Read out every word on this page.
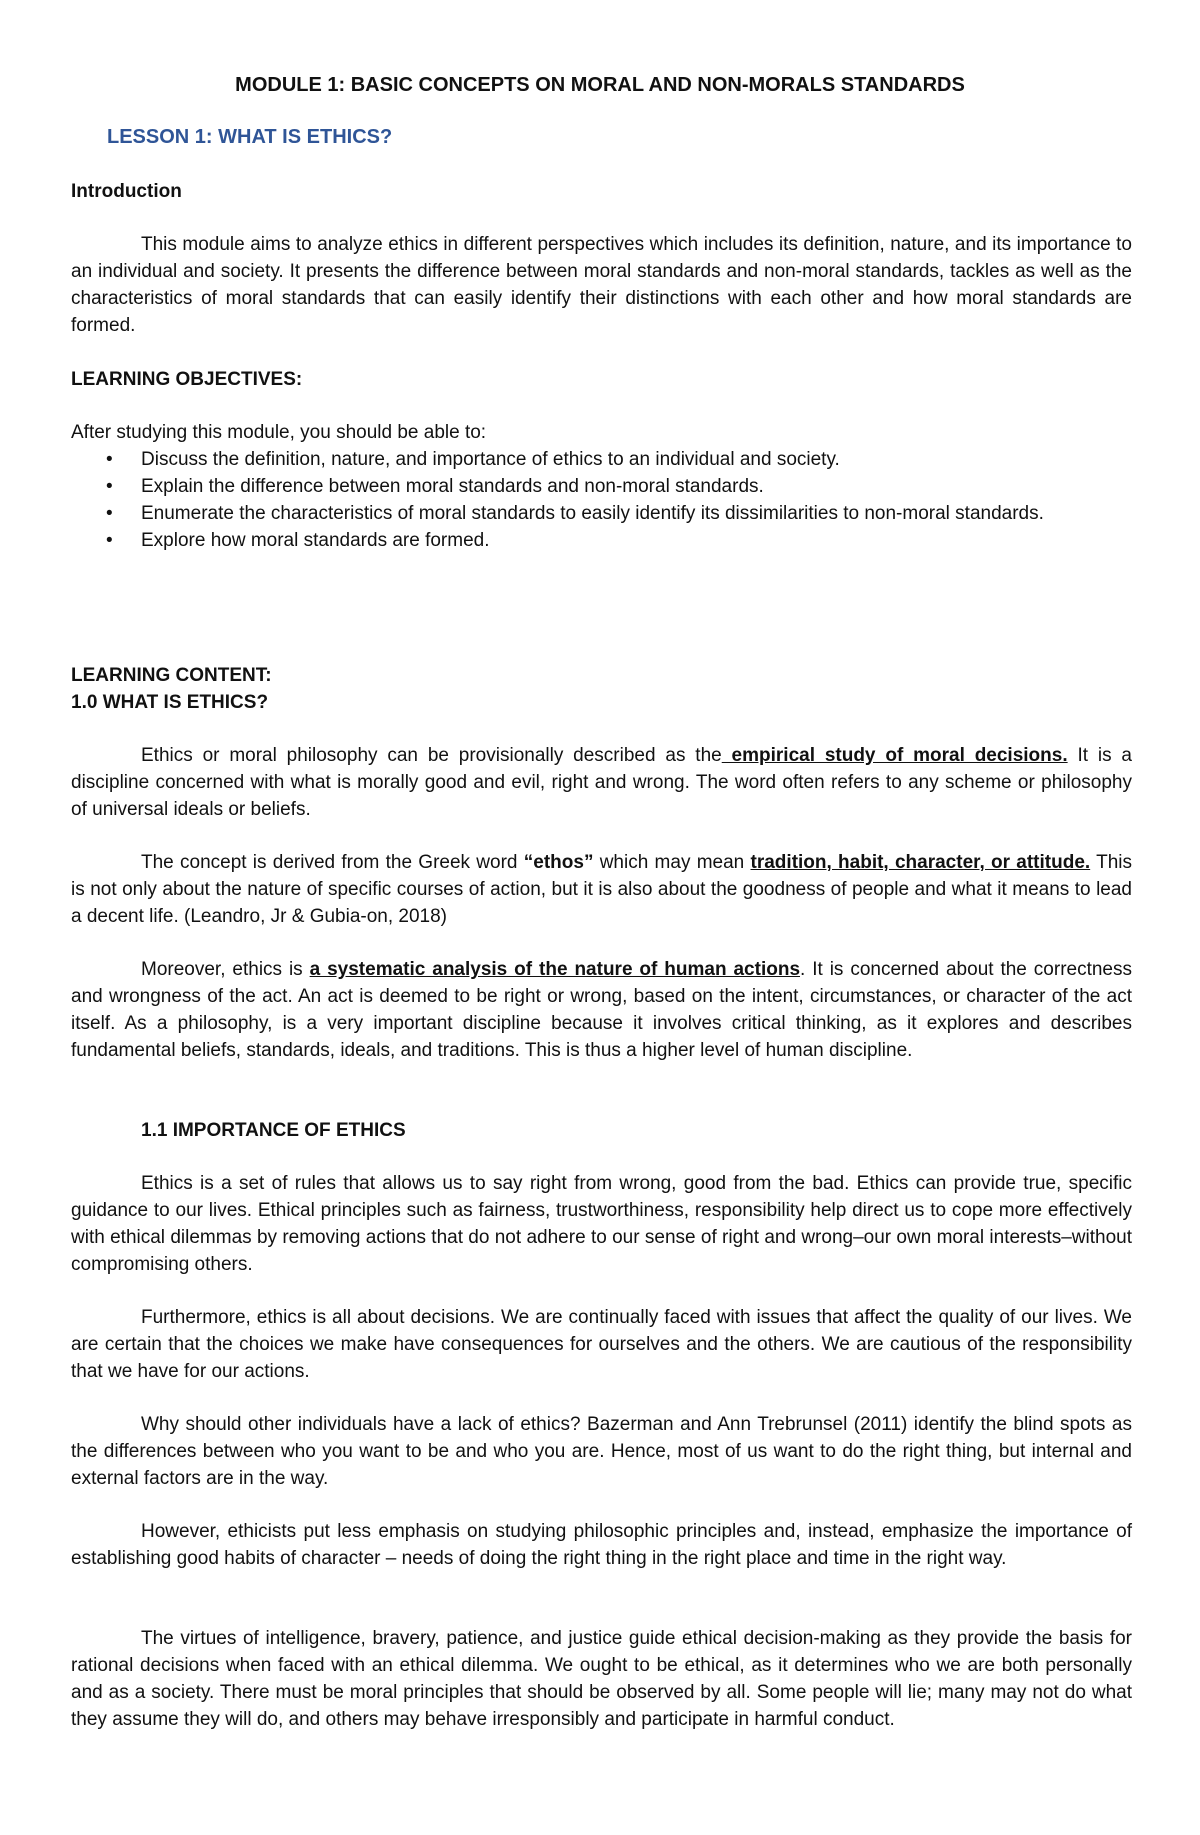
MODULE 1: BASIC CONCEPTS ON MORAL AND NON-MORALS STANDARDS
LESSON 1: WHAT IS ETHICS?
Introduction

This module aims to analyze ethics in different perspectives which includes its definition, nature, and its importance to an individual and society. It presents the difference between moral standards and non-moral standards, tackles as well as the characteristics of moral standards that can easily identify their distinctions with each other and how moral standards are formed.

LEARNING OBJECTIVES:
After studying this module, you should be able to:
• Discuss the definition, nature, and importance of ethics to an individual and society.
• Explain the difference between moral standards and non-moral standards.
• Enumerate the characteristics of moral standards to easily identify its dissimilarities to non-moral standards.
• Explore how moral standards are formed.
LEARNING CONTENT:
1.0 WHAT IS ETHICS?

Ethics or moral philosophy can be provisionally described as the empirical study of moral decisions. It is a discipline concerned with what is morally good and evil, right and wrong. The word often refers to any scheme or philosophy of universal ideals or beliefs.

The concept is derived from the Greek word “ethos” which may mean tradition, habit, character, or attitude. This is not only about the nature of specific courses of action, but it is also about the goodness of people and what it means to lead a decent life. (Leandro, Jr & Gubia-on, 2018)

Moreover, ethics is a systematic analysis of the nature of human actions. It is concerned about the correctness and wrongness of the act. An act is deemed to be right or wrong, based on the intent, circumstances, or character of the act itself. As a philosophy, is a very important discipline because it involves critical thinking, as it explores and describes fundamental beliefs, standards, ideals, and traditions. This is thus a higher level of human discipline.

1.1 IMPORTANCE OF ETHICS

Ethics is a set of rules that allows us to say right from wrong, good from the bad. Ethics can provide true, specific guidance to our lives. Ethical principles such as fairness, trustworthiness, responsibility help direct us to cope more effectively with ethical dilemmas by removing actions that do not adhere to our sense of right and wrong–our own moral interests–without compromising others.

Furthermore, ethics is all about decisions. We are continually faced with issues that affect the quality of our lives. We are certain that the choices we make have consequences for ourselves and the others. We are cautious of the responsibility that we have for our actions.

Why should other individuals have a lack of ethics? Bazerman and Ann Trebrunsel (2011) identify the blind spots as the differences between who you want to be and who you are. Hence, most of us want to do the right thing, but internal and external factors are in the way.

However, ethicists put less emphasis on studying philosophic principles and, instead, emphasize the importance of establishing good habits of character – needs of doing the right thing in the right place and time in the right way.

The virtues of intelligence, bravery, patience, and justice guide ethical decision-making as they provide the basis for rational decisions when faced with an ethical dilemma. We ought to be ethical, as it determines who we are both personally and as a society. There must be moral principles that should be observed by all. Some people will lie; many may not do what they assume they will do, and others may behave irresponsibly and participate in harmful conduct.
